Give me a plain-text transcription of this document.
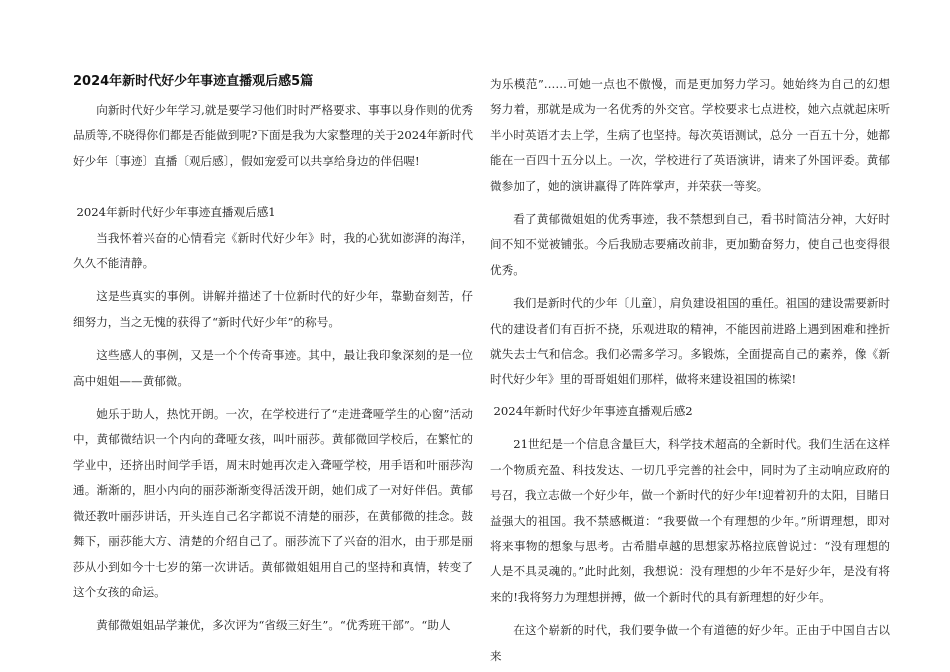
2024年新时代好少年事迹直播观后感5篇

向新时代好少年学习,就是要学习他们时时严格要求、事事以身作则的优秀品质等,不晓得你们都是否能做到呢?下面是我为大家整理的关于2024年新时代好少年〔事迹〕直播〔观后感〕，假如宠爱可以共享给身边的伴侣喔!

2024年新时代好少年事迹直播观后感1

当我怀着兴奋的心情看完《新时代好少年》时，我的心犹如澎湃的海洋，久久不能清静。

这是些真实的事例。讲解并描述了十位新时代的好少年，靠勤奋刻苦，仔细努力，当之无愧的获得了“新时代好少年”的称号。

这些感人的事例，又是一个个传奇事迹。其中，最让我印象深刻的是一位高中姐姐——黄郁微。

她乐于助人，热忱开朗。一次，在学校进行了“走进聋哑学生的心窗”活动中，黄郁微结识一个内向的聋哑女孩，叫叶丽莎。黄郁微回学校后，在繁忙的学业中，还挤出时间学手语，周末时她再次走入聋哑学校，用手语和叶丽莎沟通。渐渐的，胆小内向的丽莎渐渐变得活泼开朗，她们成了一对好伴侣。黄郁微还教叶丽莎讲话，开头连自己名字都说不清楚的丽莎，在黄郁微的挂念。鼓舞下，丽莎能大方、清楚的介绍自己了。丽莎流下了兴奋的泪水，由于那是丽莎从小到如今十七岁的第一次讲话。黄郁微姐姐用自己的坚持和真情，转变了这个女孩的命运。

黄郁微姐姐品学兼优，多次评为“省级三好生”。“优秀班干部”。“助人

为乐模范”……可她一点也不傲慢，而是更加努力学习。她始终为自己的幻想努力着，那就是成为一名优秀的外交官。学校要求七点进校，她六点就起床听半小时英语才去上学，生病了也坚持。每次英语测试，总分 一百五十分，她都能在一百四十五分以上。一次，学校进行了英语演讲，请来了外国评委。黄郁微参加了，她的演讲赢得了阵阵掌声，并荣获一等奖。

看了黄郁微姐姐的优秀事迹，我不禁想到自己，看书时简洁分神，大好时间不知不觉被铺张。今后我励志要痛改前非，更加勤奋努力，使自己也变得很优秀。

我们是新时代的少年〔儿童〕，肩负建设祖国的重任。祖国的建设需要新时代的建设者们有百折不挠，乐观进取的精神，不能因前进路上遇到困难和挫折就失去士气和信念。我们必需多学习。多锻炼，全面提高自己的素养，像《新时代好少年》里的哥哥姐姐们那样，做将来建设祖国的栋梁!

2024年新时代好少年事迹直播观后感2

21世纪是一个信息含量巨大，科学技术超高的全新时代。我们生活在这样一个物质充盈、科技发达、一切几乎完善的社会中，同时为了主动响应政府的号召，我立志做一个好少年，做一个新时代的好少年!迎着初升的太阳，目睹日益强大的祖国。我不禁感概道：“我要做一个有理想的少年。”所谓理想，即对将来事物的想象与思考。古希腊卓越的思想家苏格拉底曾说过：“没有理想的人是不具灵魂的。”此时此刻，我想说：没有理想的少年不是好少年，是没有将来的!我将努力为理想拼搏，做一个新时代的具有新理想的好少年。

在这个崭新的时代，我们要争做一个有道德的好少年。正由于中国自古以来
